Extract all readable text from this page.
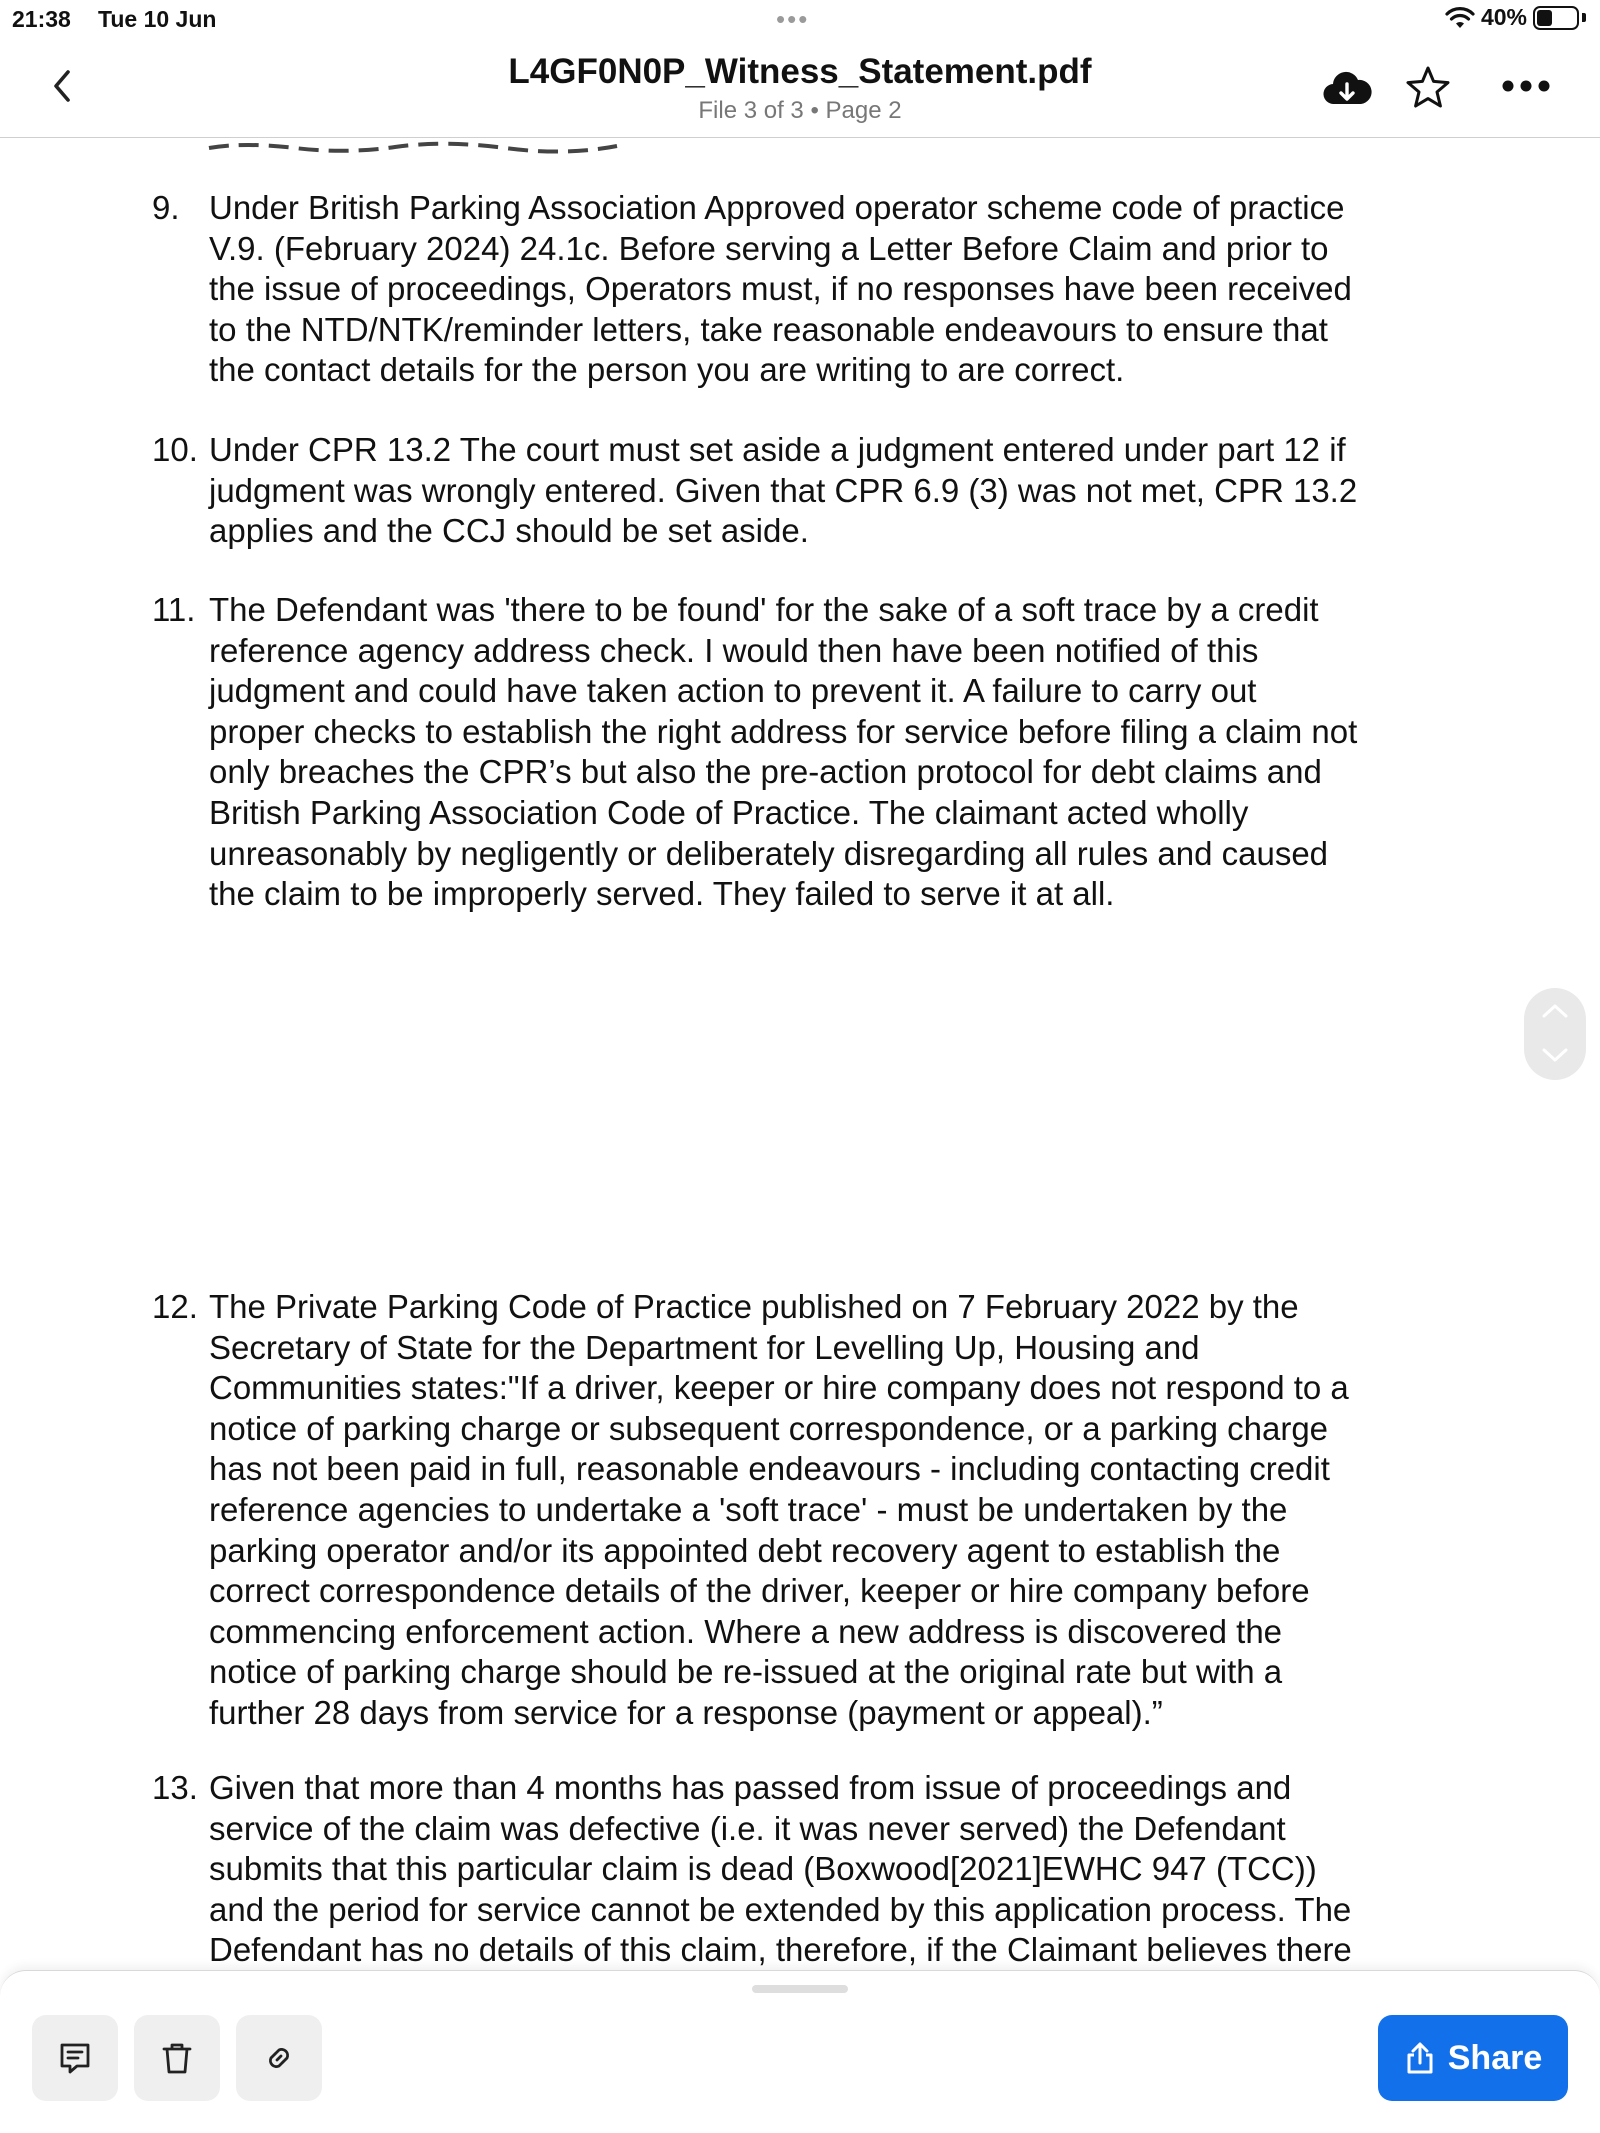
21:38 Tue 10 Jun	•••	40%
L4GF0N0P_Witness_Statement.pdf
File 3 of 3 • Page 2
9. Under British Parking Association Approved operator scheme code of practice
V.9. (February 2024) 24.1c. Before serving a Letter Before Claim and prior to
the issue of proceedings, Operators must, if no responses have been received
to the NTD/NTK/reminder letters, take reasonable endeavours to ensure that
the contact details for the person you are writing to are correct.
10. Under CPR 13.2 The court must set aside a judgment entered under part 12 if
judgment was wrongly entered. Given that CPR 6.9 (3) was not met, CPR 13.2
applies and the CCJ should be set aside.
11. The Defendant was 'there to be found' for the sake of a soft trace by a credit
reference agency address check. I would then have been notified of this
judgment and could have taken action to prevent it. A failure to carry out
proper checks to establish the right address for service before filing a claim not
only breaches the CPR’s but also the pre-action protocol for debt claims and
British Parking Association Code of Practice. The claimant acted wholly
unreasonably by negligently or deliberately disregarding all rules and caused
the claim to be improperly served. They failed to serve it at all.
12. The Private Parking Code of Practice published on 7 February 2022 by the
Secretary of State for the Department for Levelling Up, Housing and
Communities states:"If a driver, keeper or hire company does not respond to a
notice of parking charge or subsequent correspondence, or a parking charge
has not been paid in full, reasonable endeavours - including contacting credit
reference agencies to undertake a 'soft trace' - must be undertaken by the
parking operator and/or its appointed debt recovery agent to establish the
correct correspondence details of the driver, keeper or hire company before
commencing enforcement action. Where a new address is discovered the
notice of parking charge should be re-issued at the original rate but with a
further 28 days from service for a response (payment or appeal).”
13. Given that more than 4 months has passed from issue of proceedings and
service of the claim was defective (i.e. it was never served) the Defendant
submits that this particular claim is dead (Boxwood[2021]EWHC 947 (TCC))
and the period for service cannot be extended by this application process. The
Defendant has no details of this claim, therefore, if the Claimant believes there
Share
